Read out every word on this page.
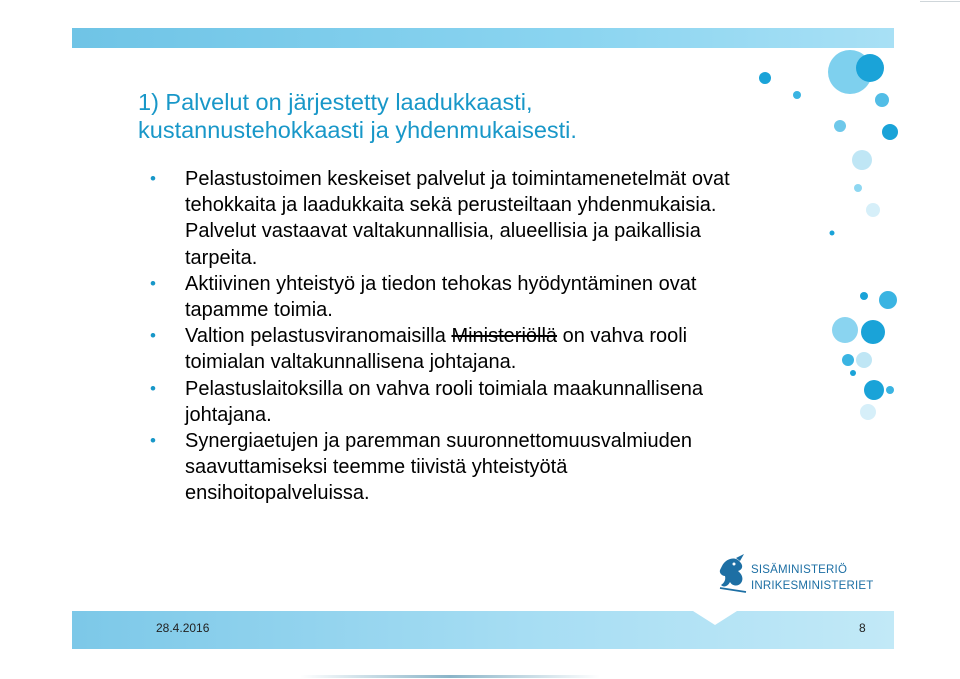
1) Palvelut on järjestetty laadukkaasti,
kustannustehokkaasti ja yhdenmukaisesti.
•	Pelastustoimen keskeiset palvelut ja toimintamenetelmät ovat
tehokkaita ja laadukkaita sekä perusteiltaan yhdenmukaisia.
Palvelut vastaavat valtakunnallisia, alueellisia ja paikallisia
tarpeita.
•	Aktiivinen yhteistyö ja tiedon tehokas hyödyntäminen ovat
tapamme toimia.
•	Valtion pelastusviranomaisilla Ministeriöllä on vahva rooli
toimialan valtakunnallisena johtajana.
•	Pelastuslaitoksilla on vahva rooli toimiala maakunnallisena
johtajana.
•	Synergiaetujen ja paremman suuronnettomuusvalmiuden
saavuttamiseksi teemme tiivistä yhteistyötä
ensihoitopalveluissa.
SISÄMINISTERIÖ
INRIKESMINISTERIET
28.4.2016	8
